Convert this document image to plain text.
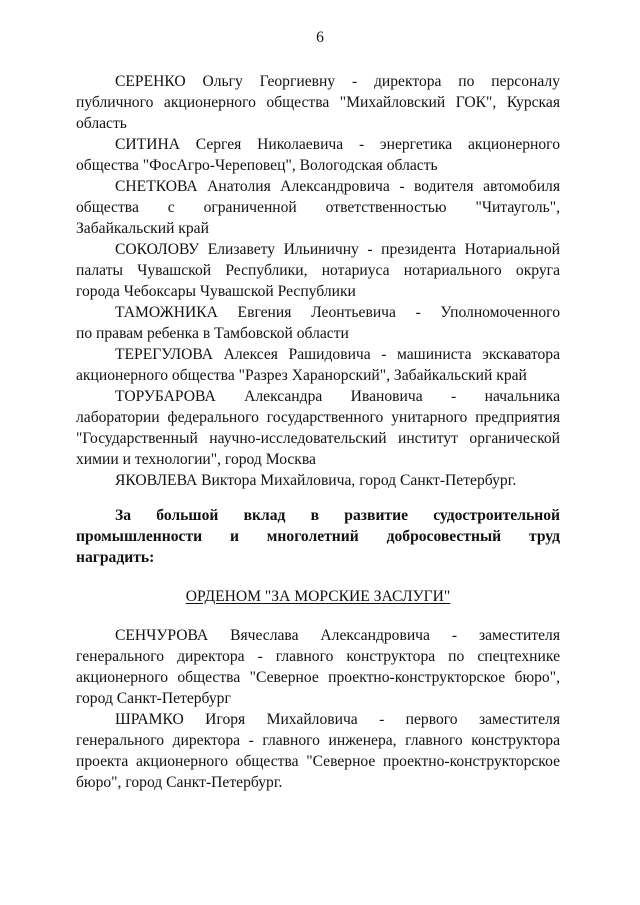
6
СЕРЕНКО Ольгу Георгиевну - директора по персоналу
публичного акционерного общества "Михайловский ГОК", Курская
область
СИТИНА Сергея Николаевича - энергетика акционерного
общества "ФосАгро-Череповец", Вологодская область
СНЕТКОВА Анатолия Александровича - водителя автомобиля
общества с ограниченной ответственностью "Читауголь",
Забайкальский край
СОКОЛОВУ Елизавету Ильиничну - президента Нотариальной
палаты Чувашской Республики, нотариуса нотариального округа
города Чебоксары Чувашской Республики
ТАМОЖНИКА Евгения Леонтьевича - Уполномоченного
по правам ребенка в Тамбовской области
ТЕРЕГУЛОВА Алексея Рашидовича - машиниста экскаватора
акционерного общества "Разрез Харанорский", Забайкальский край
ТОРУБАРОВА Александра Ивановича - начальника
лаборатории федерального государственного унитарного предприятия
"Государственный научно-исследовательский институт органической
химии и технологии", город Москва
ЯКОВЛЕВА Виктора Михайловича, город Санкт-Петербург.
За большой вклад в развитие судостроительной
промышленности и многолетний добросовестный труд
наградить:
ОРДЕНОМ "ЗА МОРСКИЕ ЗАСЛУГИ"
СЕНЧУРОВА Вячеслава Александровича - заместителя
генерального директора - главного конструктора по спецтехнике
акционерного общества "Северное проектно-конструкторское бюро",
город Санкт-Петербург
ШРАМКО Игоря Михайловича - первого заместителя
генерального директора - главного инженера, главного конструктора
проекта акционерного общества "Северное проектно-конструкторское
бюро", город Санкт-Петербург.
